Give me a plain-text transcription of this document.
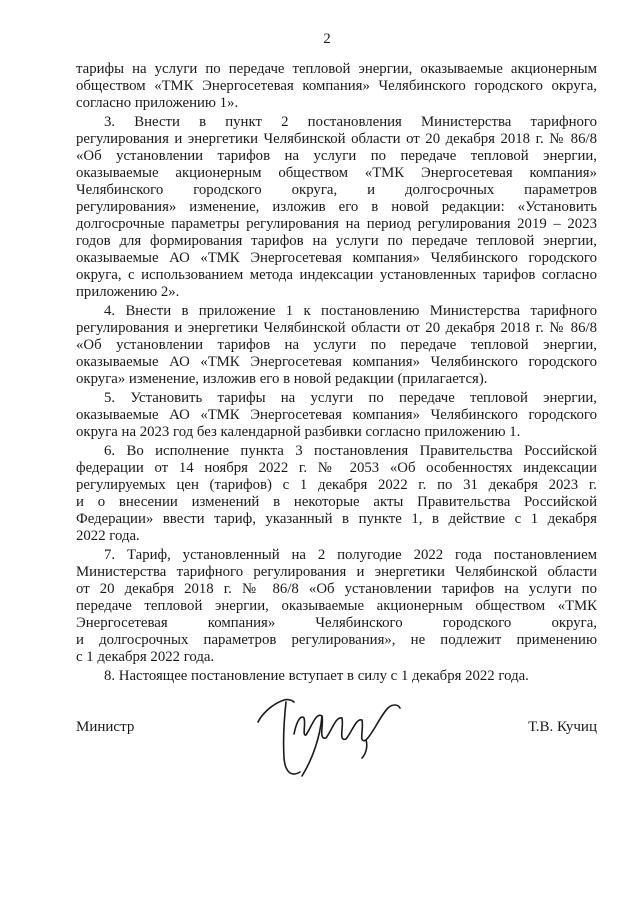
2
тарифы на услуги по передаче тепловой энергии, оказываемые акционерным
обществом «ТМК Энергосетевая компания» Челябинского городского округа,
согласно приложению 1».
3. Внести в пункт 2 постановления Министерства тарифного
регулирования и энергетики Челябинской области от 20 декабря 2018 г. № 86/8
«Об установлении тарифов на услуги по передаче тепловой энергии,
оказываемые акционерным обществом «ТМК Энергосетевая компания»
Челябинского городского округа, и долгосрочных параметров
регулирования» изменение, изложив его в новой редакции: «Установить
долгосрочные параметры регулирования на период регулирования 2019 – 2023
годов для формирования тарифов на услуги по передаче тепловой энергии,
оказываемые АО «ТМК Энергосетевая компания» Челябинского городского
округа, с использованием метода индексации установленных тарифов согласно
приложению 2».
4. Внести в приложение 1 к постановлению Министерства тарифного
регулирования и энергетики Челябинской области от 20 декабря 2018 г. № 86/8
«Об установлении тарифов на услуги по передаче тепловой энергии,
оказываемые АО «ТМК Энергосетевая компания» Челябинского городского
округа» изменение, изложив его в новой редакции (прилагается).
5. Установить тарифы на услуги по передаче тепловой энергии,
оказываемые АО «ТМК Энергосетевая компания» Челябинского городского
округа на 2023 год без календарной разбивки согласно приложению 1.
6. Во исполнение пункта 3 постановления Правительства Российской
федерации от 14 ноября 2022 г. № 2053 «Об особенностях индексации
регулируемых цен (тарифов) с 1 декабря 2022 г. по 31 декабря 2023 г.
и о внесении изменений в некоторые акты Правительства Российской
Федерации» ввести тариф, указанный в пункте 1, в действие с 1 декабря
2022 года.
7. Тариф, установленный на 2 полугодие 2022 года постановлением
Министерства тарифного регулирования и энергетики Челябинской области
от 20 декабря 2018 г. № 86/8 «Об установлении тарифов на услуги по
передаче тепловой энергии, оказываемые акционерным обществом «ТМК
Энергосетевая компания» Челябинского городского округа,
и долгосрочных параметров регулирования», не подлежит применению
с 1 декабря 2022 года.
8. Настоящее постановление вступает в силу с 1 декабря 2022 года.
Министр	Т.В. Кучиц
